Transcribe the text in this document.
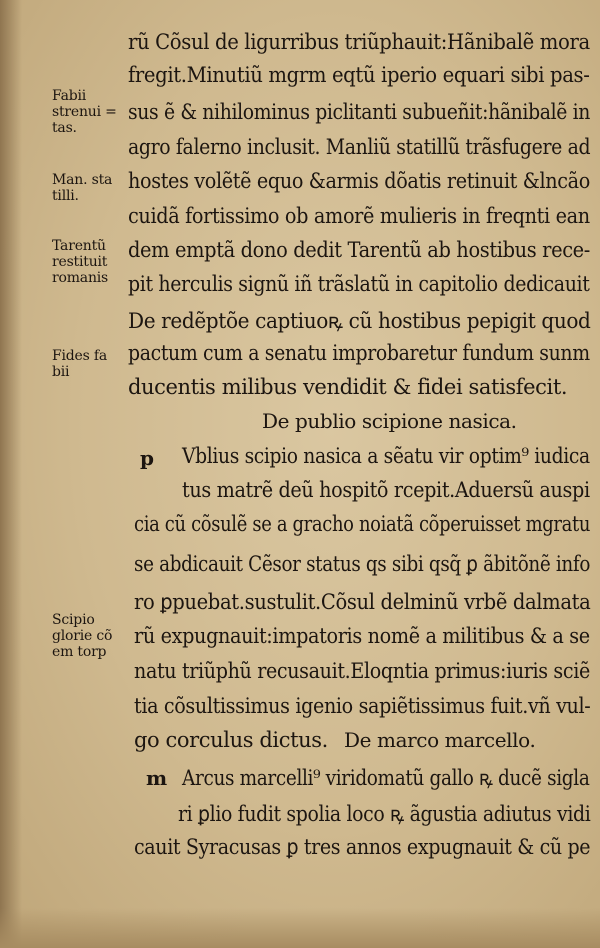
rũ Cõsul de ligurribus triũphauit:Hãnibalẽ mora
fregit.Minutiũ mgrm eqtũ iperio equari sibi pas-
sus ẽ & nihilominus piclitanti subueñit:hãnibalẽ in
agro falerno inclusit. Manliũ statillũ trãsfugere ad
hostes volẽtẽ equo &armis dõatis retinuit &lncão
cuidã fortissimo ob amorẽ mulieris in freqnti ean
dem emptã dono dedit Tarentũ ab hostibus rece-
pit herculis signũ iñ trãslatũ in capitolio dedicauit
De redẽptõe captiuoꝶ cũ hostibus pepigit quod
pactum cum a senatu improbaretur fundum sunm
ducentis milibus vendidit & fidei satisfecit.
De publio scipione nasica.
p Vblius scipio nasica a sẽatu vir optim⁹ iudica
tus matrẽ deũ hospitõ rcepit.Aduersũ auspi
cia cũ cõsulẽ se a gracho noiatã cõperuisset mgratu
se abdicauit Cẽsor status qs sibi qsq̃ ꝑ ãbitõnẽ info
ro ꝑpuebat.sustulit.Cõsul delminũ vrbẽ dalmata
rũ expugnauit:impatoris nomẽ a militibus & a se
natu triũphũ recusauit.Eloqntia primus:iuris sciẽ
tia cõsultissimus igenio sapiẽtissimus fuit.vñ vul-
go corculus dictus. De marco marcello.
m Arcus marcelli⁹ viridomatũ gallo ꝶ ducẽ sigla
ri ꝑlio fudit spolia loco ꝶ ãgustia adiutus vidi
cauit Syracusas ꝑ tres annos expugnauit & cũ pe
Fabii
strenui =
tas.
Man. sta
tilli.
Tarentũ
restituit
romanis
Fides fa
bii
Scipio
glorie cõ
em torp
